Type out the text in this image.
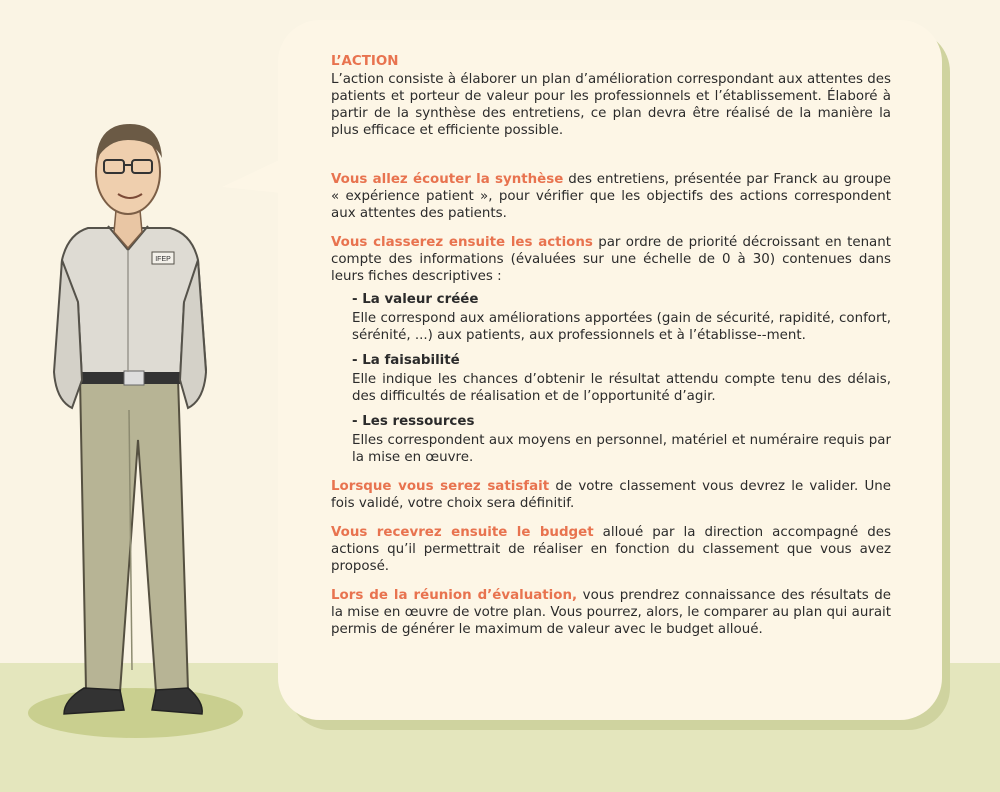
IFEP

L’ACTION

L’action consiste à élaborer un plan d’amélioration correspondant aux attentes des patients et porteur de valeur pour les professionnels et l’établissement. Élaboré à partir de la synthèse des entretiens, ce plan devra être réalisé de la manière la plus efficace et efficiente possible.

Vous allez écouter la synthèse des entretiens, présentée par Franck au groupe « expérience patient », pour vérifier que les objectifs des actions correspondent aux attentes des patients.

Vous classerez ensuite les actions par ordre de priorité décroissant en tenant compte des informations (évaluées sur une échelle de 0 à 30) contenues dans leurs fiches descriptives :

- La valeur créée
Elle correspond aux améliorations apportées (gain de sécurité, rapidité, confort, sérénité, ...) aux patients, aux professionnels et à l’établisse--ment.
- La faisabilité
Elle indique les chances d’obtenir le résultat attendu compte tenu des délais, des difficultés de réalisation et de l’opportunité d’agir.
- Les ressources
Elles correspondent aux moyens en personnel, matériel et numéraire requis par la mise en œuvre.

Lorsque vous serez satisfait de votre classement vous devrez le valider. Une fois validé, votre choix sera définitif.

Vous recevrez ensuite le budget alloué par la direction accompagné des actions qu’il permettrait de réaliser en fonction du classement que vous avez proposé.

Lors de la réunion d’évaluation, vous prendrez connaissance des résultats de la mise en œuvre de votre plan. Vous pourrez, alors, le comparer au plan qui aurait permis de générer le maximum de valeur avec le budget alloué.
